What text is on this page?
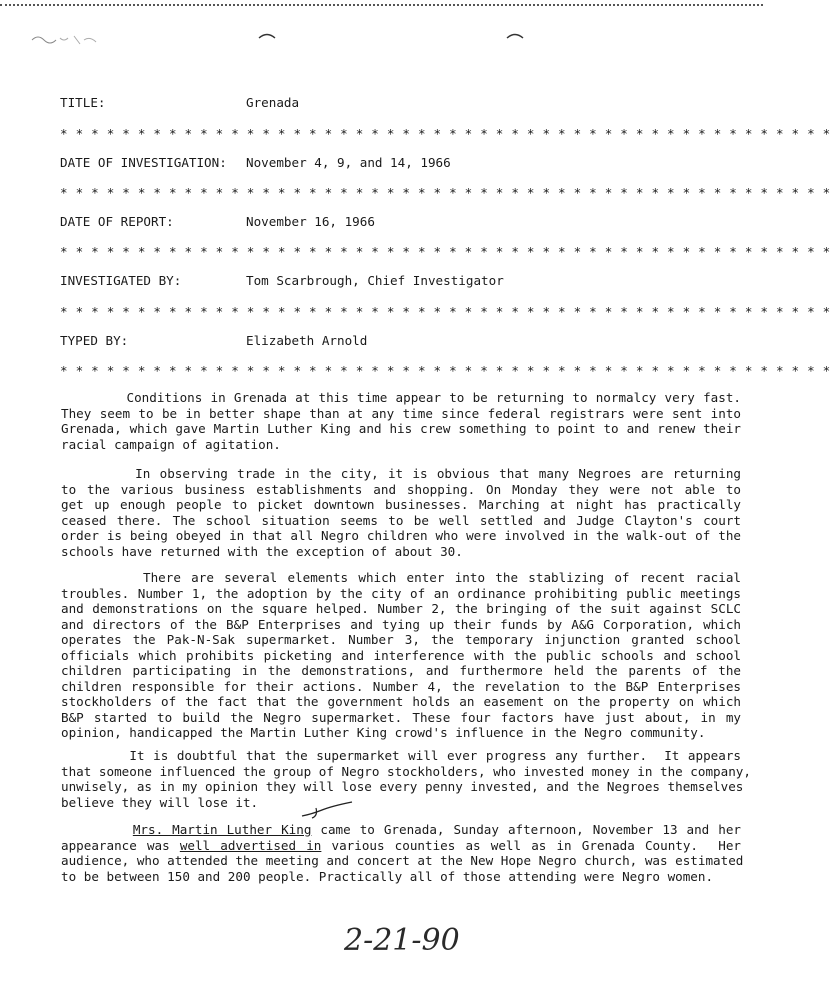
TITLE:	Grenada
* * * * * * * * * * * * * * * * * * * * * * * * * * * * * * * * * * * * * * * * * * * * * * * * * *
DATE OF INVESTIGATION: November 4, 9, and 14, 1966
* * * * * * * * * * * * * * * * * * * * * * * * * * * * * * * * * * * * * * * * * * * * * * * * * *
DATE OF REPORT:	November 16, 1966
* * * * * * * * * * * * * * * * * * * * * * * * * * * * * * * * * * * * * * * * * * * * * * * * * *
INVESTIGATED BY:	Tom Scarbrough, Chief Investigator
* * * * * * * * * * * * * * * * * * * * * * * * * * * * * * * * * * * * * * * * * * * * * * * * * *
TYPED BY:	Elizabeth Arnold
* * * * * * * * * * * * * * * * * * * * * * * * * * * * * * * * * * * * * * * * * * * * * * * * * *
Conditions in Grenada at this time appear to be returning to normalcy very fast.
They seem to be in better shape than at any time since federal registrars were sent into
Grenada, which gave Martin Luther King and his crew something to point to and renew their
racial campaign of agitation.
In observing trade in the city, it is obvious that many Negroes are returning
to the various business establishments and shopping. On Monday they were not able to
get up enough people to picket downtown businesses. Marching at night has practically
ceased there. The school situation seems to be well settled and Judge Clayton's court
order is being obeyed in that all Negro children who were involved in the walk-out of the
schools have returned with the exception of about 30.
There are several elements which enter into the stablizing of recent racial
troubles. Number 1, the adoption by the city of an ordinance prohibiting public meetings
and demonstrations on the square helped. Number 2, the bringing of the suit against SCLC
and directors of the B&P Enterprises and tying up their funds by A&G Corporation, which
operates the Pak-N-Sak supermarket. Number 3, the temporary injunction granted school
officials which prohibits picketing and interference with the public schools and school
children participating in the demonstrations, and furthermore held the parents of the
children responsible for their actions. Number 4, the revelation to the B&P Enterprises
stockholders of the fact that the government holds an easement on the property on which
B&P started to build the Negro supermarket. These four factors have just about, in my
opinion, handicapped the Martin Luther King crowd's influence in the Negro community.
It is doubtful that the supermarket will ever progress any further.  It appears
that someone influenced the group of Negro stockholders, who invested money in the company,
unwisely, as in my opinion they will lose every penny invested, and the Negroes themselves
believe they will lose it.
Mrs. Martin Luther King came to Grenada, Sunday afternoon, November 13 and her
appearance was well advertised in various counties as well as in Grenada County.  Her
audience, who attended the meeting and concert at the New Hope Negro church, was estimated
to be between 150 and 200 people. Practically all of those attending were Negro women.
2-21-90
